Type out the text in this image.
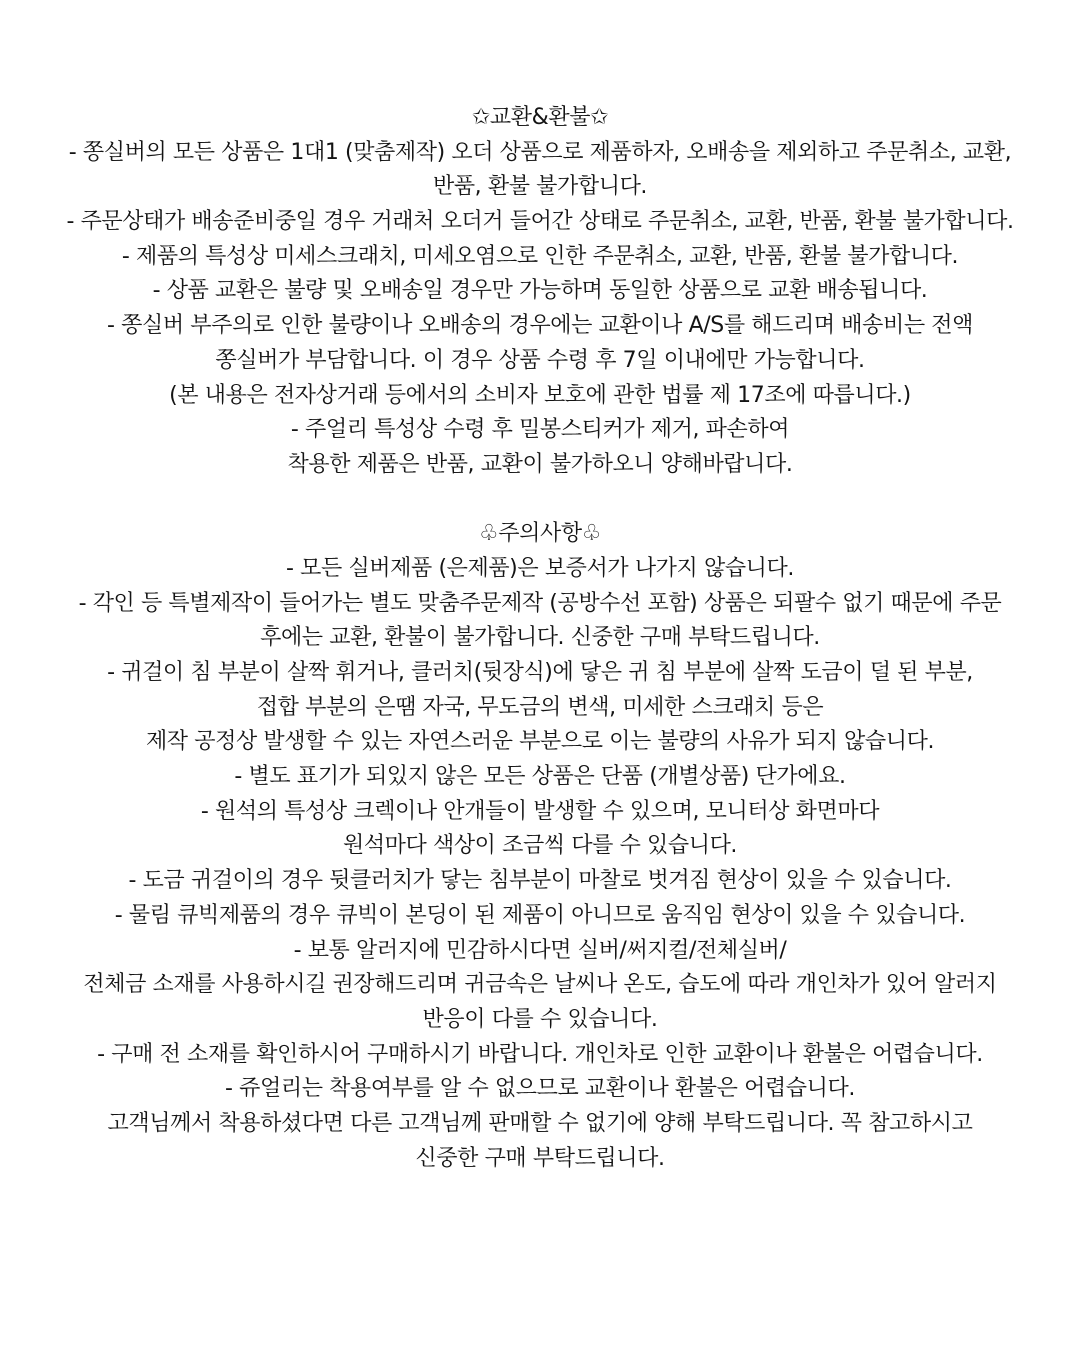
✩교환&환불✩
- 쫑실버의 모든 상품은 1대1 (맞춤제작) 오더 상품으로 제품하자, 오배송을 제외하고 주문취소, 교환,
반품, 환불 불가합니다.
- 주문상태가 배송준비중일 경우 거래처 오더거 들어간 상태로 주문취소, 교환, 반품, 환불 불가합니다.
- 제품의 특성상 미세스크래치, 미세오염으로 인한 주문취소, 교환, 반품, 환불 불가합니다.
- 상품 교환은 불량 및 오배송일 경우만 가능하며 동일한 상품으로 교환 배송됩니다.
- 쫑실버 부주의로 인한 불량이나 오배송의 경우에는 교환이나 A/S를 해드리며 배송비는 전액
쫑실버가 부담합니다. 이 경우 상품 수령 후 7일 이내에만 가능합니다.
(본 내용은 전자상거래 등에서의 소비자 보호에 관한 법률 제 17조에 따릅니다.)
- 주얼리 특성상 수령 후 밀봉스티커가 제거, 파손하여
착용한 제품은 반품, 교환이 불가하오니 양해바랍니다.
♧주의사항♧
- 모든 실버제품 (은제품)은 보증서가 나가지 않습니다.
- 각인 등 특별제작이 들어가는 별도 맞춤주문제작 (공방수선 포함) 상품은 되팔수 없기 때문에 주문
후에는 교환, 환불이 불가합니다. 신중한 구매 부탁드립니다.
- 귀걸이 침 부분이 살짝 휘거나, 클러치(뒷장식)에 닿은 귀 침 부분에 살짝 도금이 덜 된 부분,
접합 부분의 은땜 자국, 무도금의 변색, 미세한 스크래치 등은
제작 공정상 발생할 수 있는 자연스러운 부분으로 이는 불량의 사유가 되지 않습니다.
- 별도 표기가 되있지 않은 모든 상품은 단품 (개별상품) 단가에요.
- 원석의 특성상 크렉이나 안개들이 발생할 수 있으며, 모니터상 화면마다
원석마다 색상이 조금씩 다를 수 있습니다.
- 도금 귀걸이의 경우 뒷클러치가 닿는 침부분이 마찰로 벗겨짐 현상이 있을 수 있습니다.
- 물림 큐빅제품의 경우 큐빅이 본딩이 된 제품이 아니므로 움직임 현상이 있을 수 있습니다.
- 보통 알러지에 민감하시다면 실버/써지컬/전체실버/
전체금 소재를 사용하시길 권장해드리며 귀금속은 날씨나 온도, 습도에 따라 개인차가 있어 알러지
반응이 다를 수 있습니다.
- 구매 전 소재를 확인하시어 구매하시기 바랍니다. 개인차로 인한 교환이나 환불은 어렵습니다.
- 쥬얼리는 착용여부를 알 수 없으므로 교환이나 환불은 어렵습니다.
고객님께서 착용하셨다면 다른 고객님께 판매할 수 없기에 양해 부탁드립니다. 꼭 참고하시고
신중한 구매 부탁드립니다.
